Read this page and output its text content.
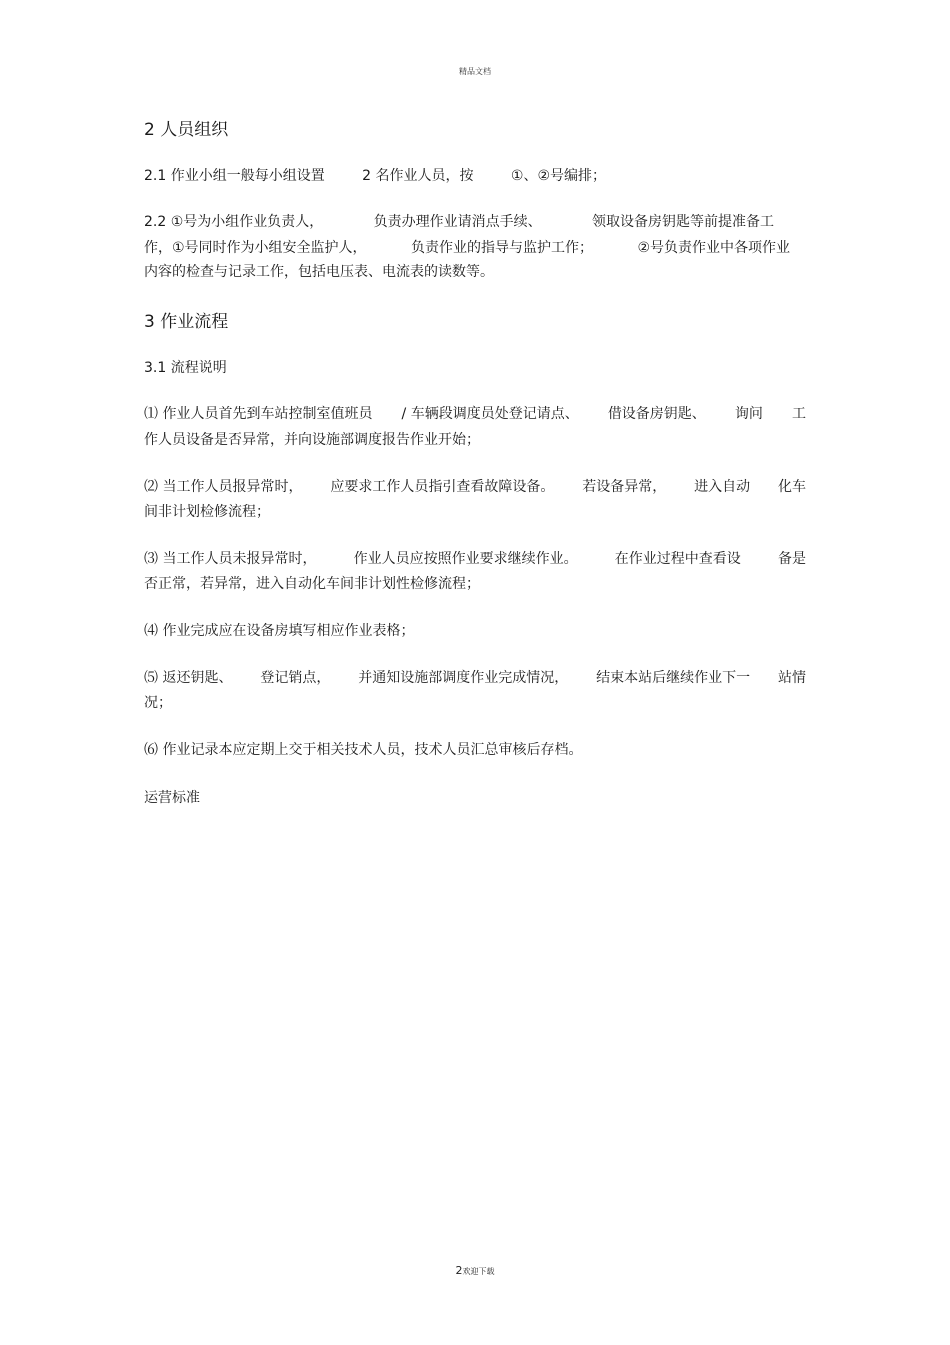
精品文档
2 人员组织
2.1 作业小组一般每小组设置	2 名作业人员，按	①、②号编排；
2.2 ①号为小组作业负责人，	负责办理作业请消点手续、	领取设备房钥匙等前提准备工
作，①号同时作为小组安全监护人，	负责作业的指导与监护工作；	②号负责作业中各项作业
内容的检查与记录工作，包括电压表、电流表的读数等。
3 作业流程
3.1 流程说明
⑴ 作业人员首先到车站控制室值班员 / 车辆段调度员处登记请点、 借设备房钥匙、 询问 工
作人员设备是否异常，并向设施部调度报告作业开始；
⑵ 当工作人员报异常时， 应要求工作人员指引查看故障设备。 若设备异常， 进入自动 化车
间非计划检修流程；
⑶ 当工作人员未报异常时，	作业人员应按照作业要求继续作业。	在作业过程中查看设	备是
否正常，若异常，进入自动化车间非计划性检修流程；
⑷ 作业完成应在设备房填写相应作业表格；
⑸ 返还钥匙、 登记销点， 并通知设施部调度作业完成情况， 结束本站后继续作业下一 站情
况；
⑹ 作业记录本应定期上交于相关技术人员，技术人员汇总审核后存档。
运营标准
2欢迎下载
